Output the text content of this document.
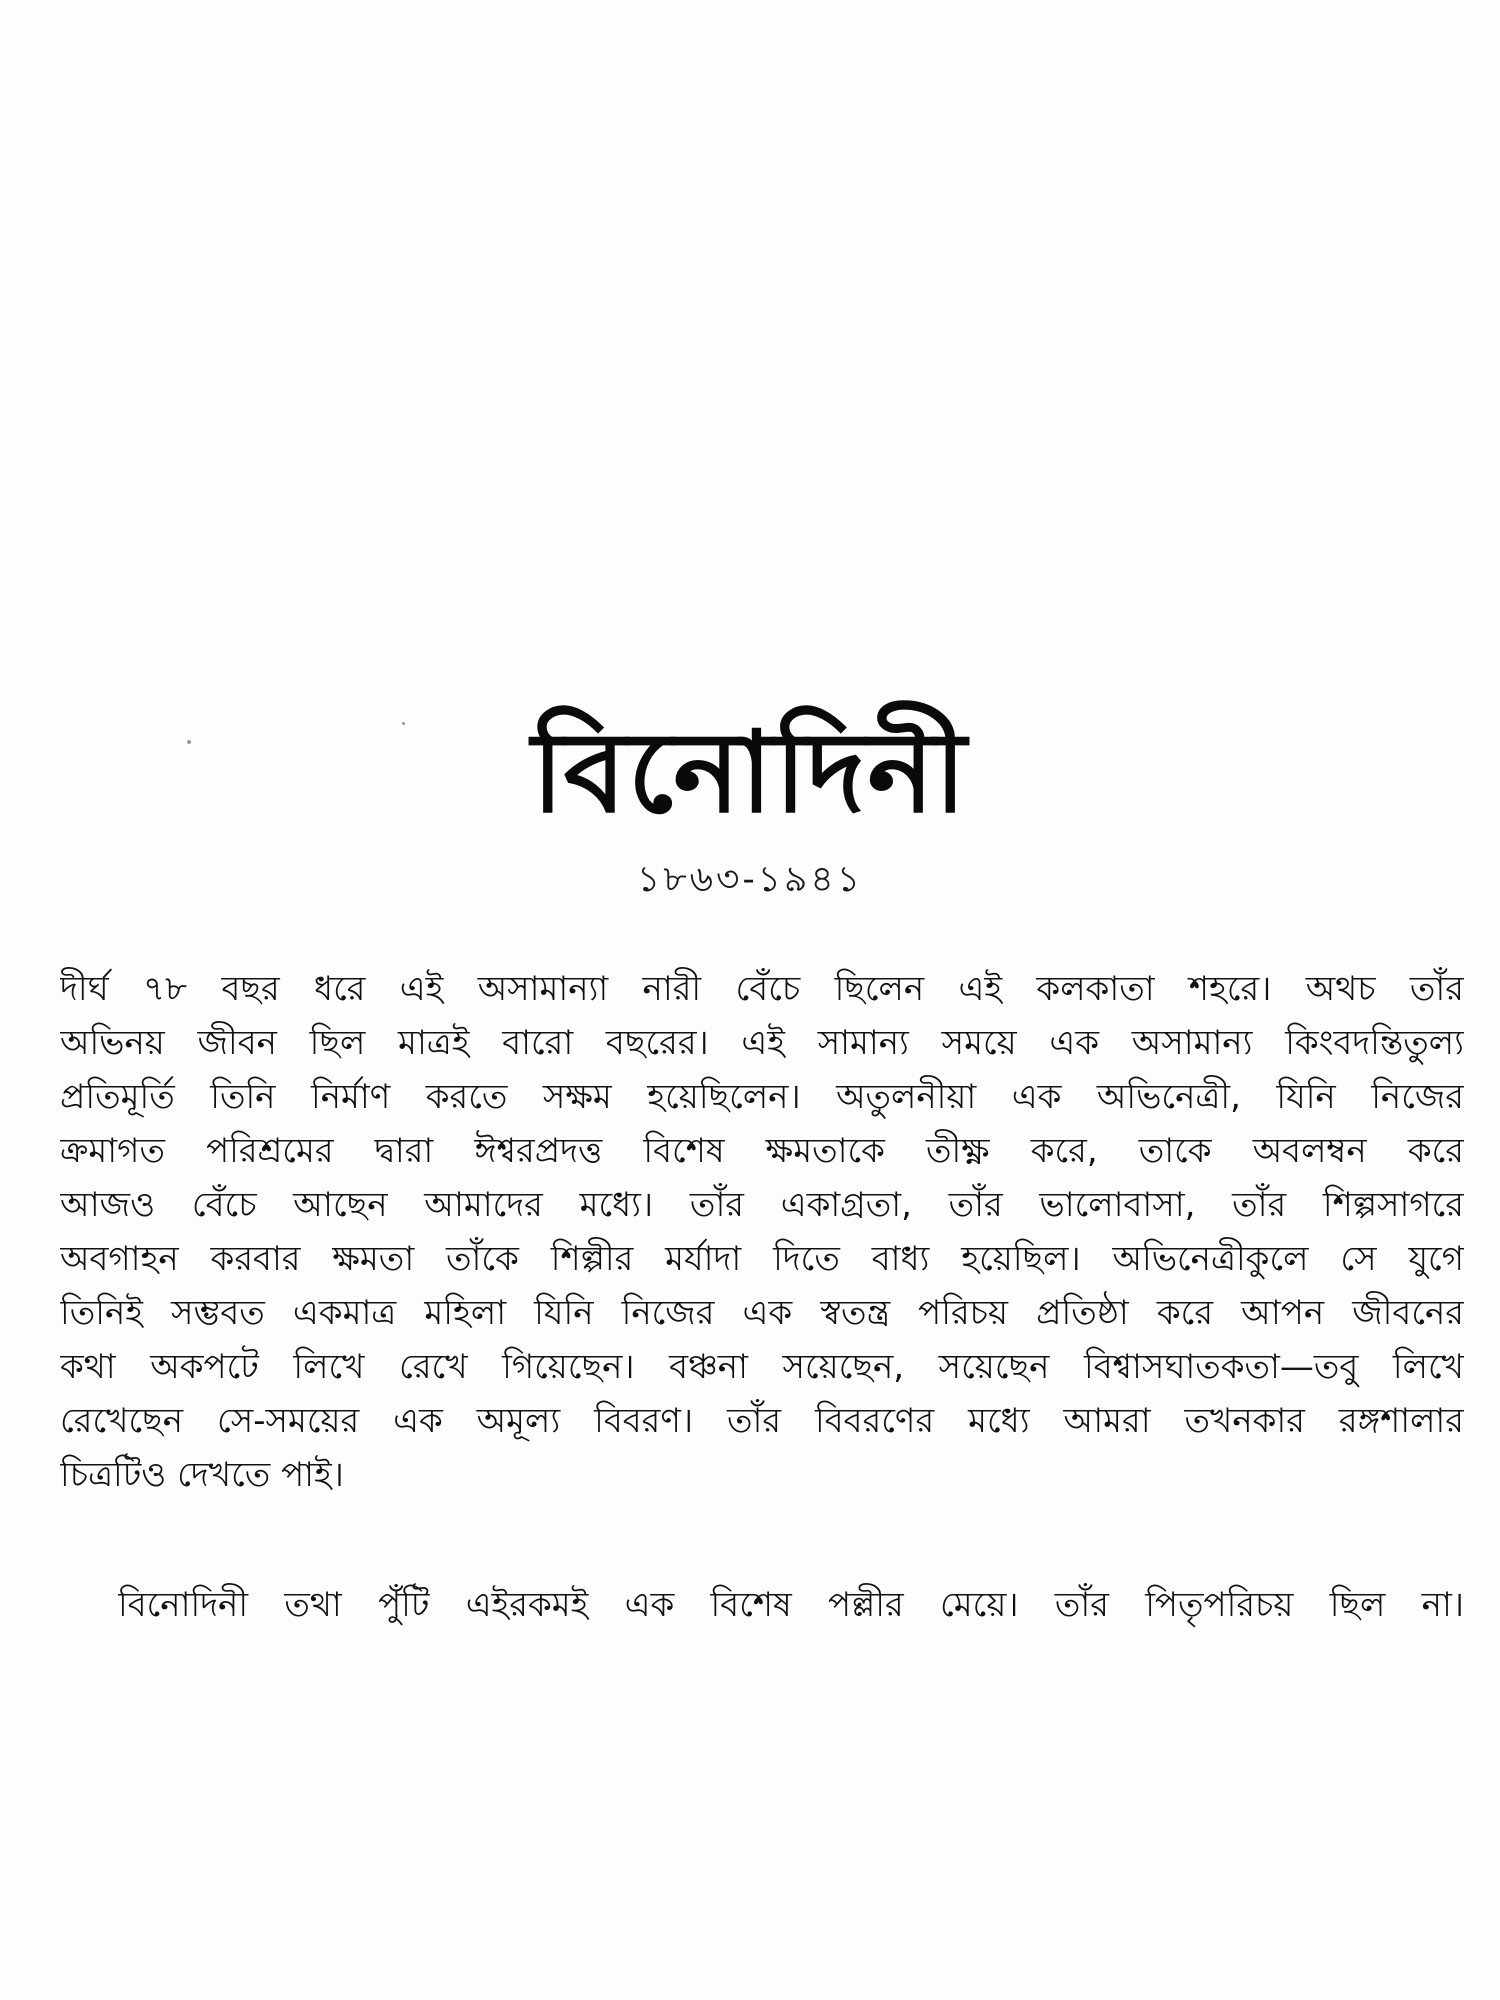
বিনোদিনী
১৮৬৩-১৯৪১
দীর্ঘ ৭৮ বছর ধরে এই অসামান্যা নারী বেঁচে ছিলেন এই কলকাতা শহরে। অথচ তাঁর
অভিনয় জীবন ছিল মাত্রই বারো বছরের। এই সামান্য সময়ে এক অসামান্য কিংবদন্তিতুল্য
প্রতিমূর্তি তিনি নির্মাণ করতে সক্ষম হয়েছিলেন। অতুলনীয়া এক অভিনেত্রী, যিনি নিজের
ক্রমাগত পরিশ্রমের দ্বারা ঈশ্বরপ্রদত্ত বিশেষ ক্ষমতাকে তীক্ষ্ণ করে, তাকে অবলম্বন করে
আজও বেঁচে আছেন আমাদের মধ্যে। তাঁর একাগ্রতা, তাঁর ভালোবাসা, তাঁর শিল্পসাগরে
অবগাহন করবার ক্ষমতা তাঁকে শিল্পীর মর্যাদা দিতে বাধ্য হয়েছিল। অভিনেত্রীকুলে সে যুগে
তিনিই সম্ভবত একমাত্র মহিলা যিনি নিজের এক স্বতন্ত্র পরিচয় প্রতিষ্ঠা করে আপন জীবনের
কথা অকপটে লিখে রেখে গিয়েছেন। বঞ্চনা সয়েছেন, সয়েছেন বিশ্বাসঘাতকতা—তবু লিখে
রেখেছেন সে-সময়ের এক অমূল্য বিবরণ। তাঁর বিবরণের মধ্যে আমরা তখনকার রঙ্গশালার
চিত্রটিও দেখতে পাই।
বিনোদিনী তথা পুঁটি এইরকমই এক বিশেষ পল্লীর মেয়ে। তাঁর পিতৃপরিচয় ছিল না।
